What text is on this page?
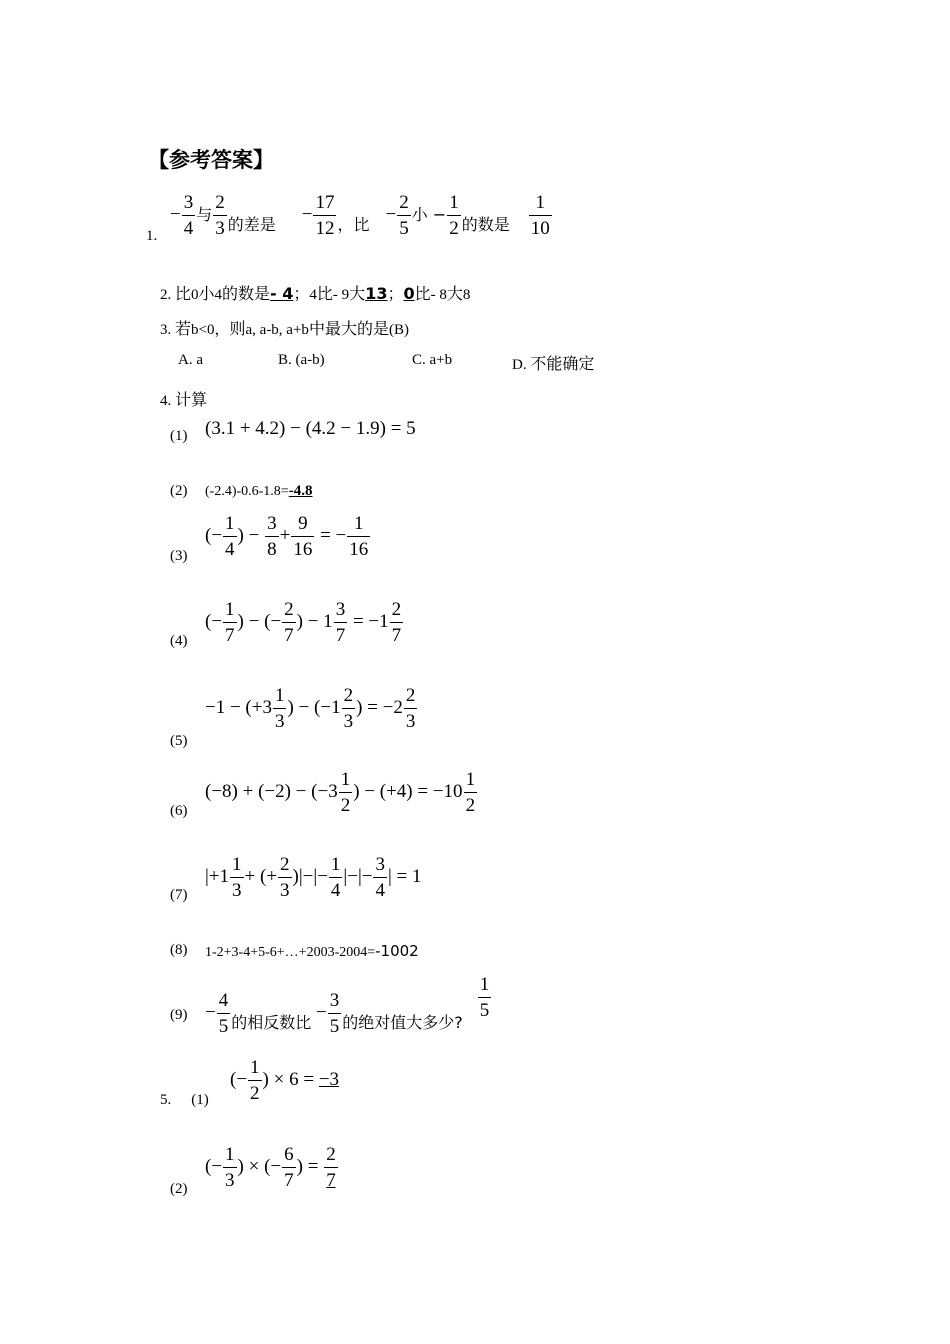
【参考答案】
1.
− $\frac{3}{4}$ 与 $\frac{2}{3} _{的差是} - \frac{17}{12} _{,比} - \frac{2}{5}$ 小 − $\frac{1}{2} _{的数是} \frac{1}{10}$
2. 比0小4的数是- 4；4比- 9大13；0比- 8大8
3. 若b<0，则a, a-b, a+b中最大的是(B)
A. a	B. (a-b)	C. a+b	D. 不能确定
4. 计算
(1) (3.1 + 4.2) − (4.2 − 1.9) = 5
(2) (-2.4)-0.6-1.8=-4.8
(3)
(− $\frac{1}{4}$ ) − $\frac{3}{8} + \frac{9}{16}$ = − $\frac{1}{16}$
(4)
(− $\frac{1}{7}$ ) − (− $\frac{2}{7}$ ) − $1 \frac{3}{7} = -1 \frac{2}{7}$
$-1 - (+3 \frac{1}{3}$ ) − ($-1 \frac{2}{3}$ ) = $-2 \frac{2}{3}$
(5)
$(-8) + (-2) - (-3 \frac{1}{2}$ ) − $(+4) = -10 \frac{1}{2}$
(6)
$|+1 \frac{1}{3}$ + (+ $\frac{2}{3}$ )|−|− $\frac{1}{4}$ |−|− $\frac{3}{4}$ | = 1
(7)
(8) 1-2+3-4+5-6+…+2003-2004=-1002
$(9) - \frac{4}{5} _{的相反数比} - \frac{3}{5} _{的绝对值大多少?}$
$\frac{1}{5}$
5. (1)
(− $\frac{1}{2}$ ) × 6 = −3
(2)
(− $\frac{1}{3}$ ) × (− $\frac{6}{7}$ ) = $\frac{2}{7}$
